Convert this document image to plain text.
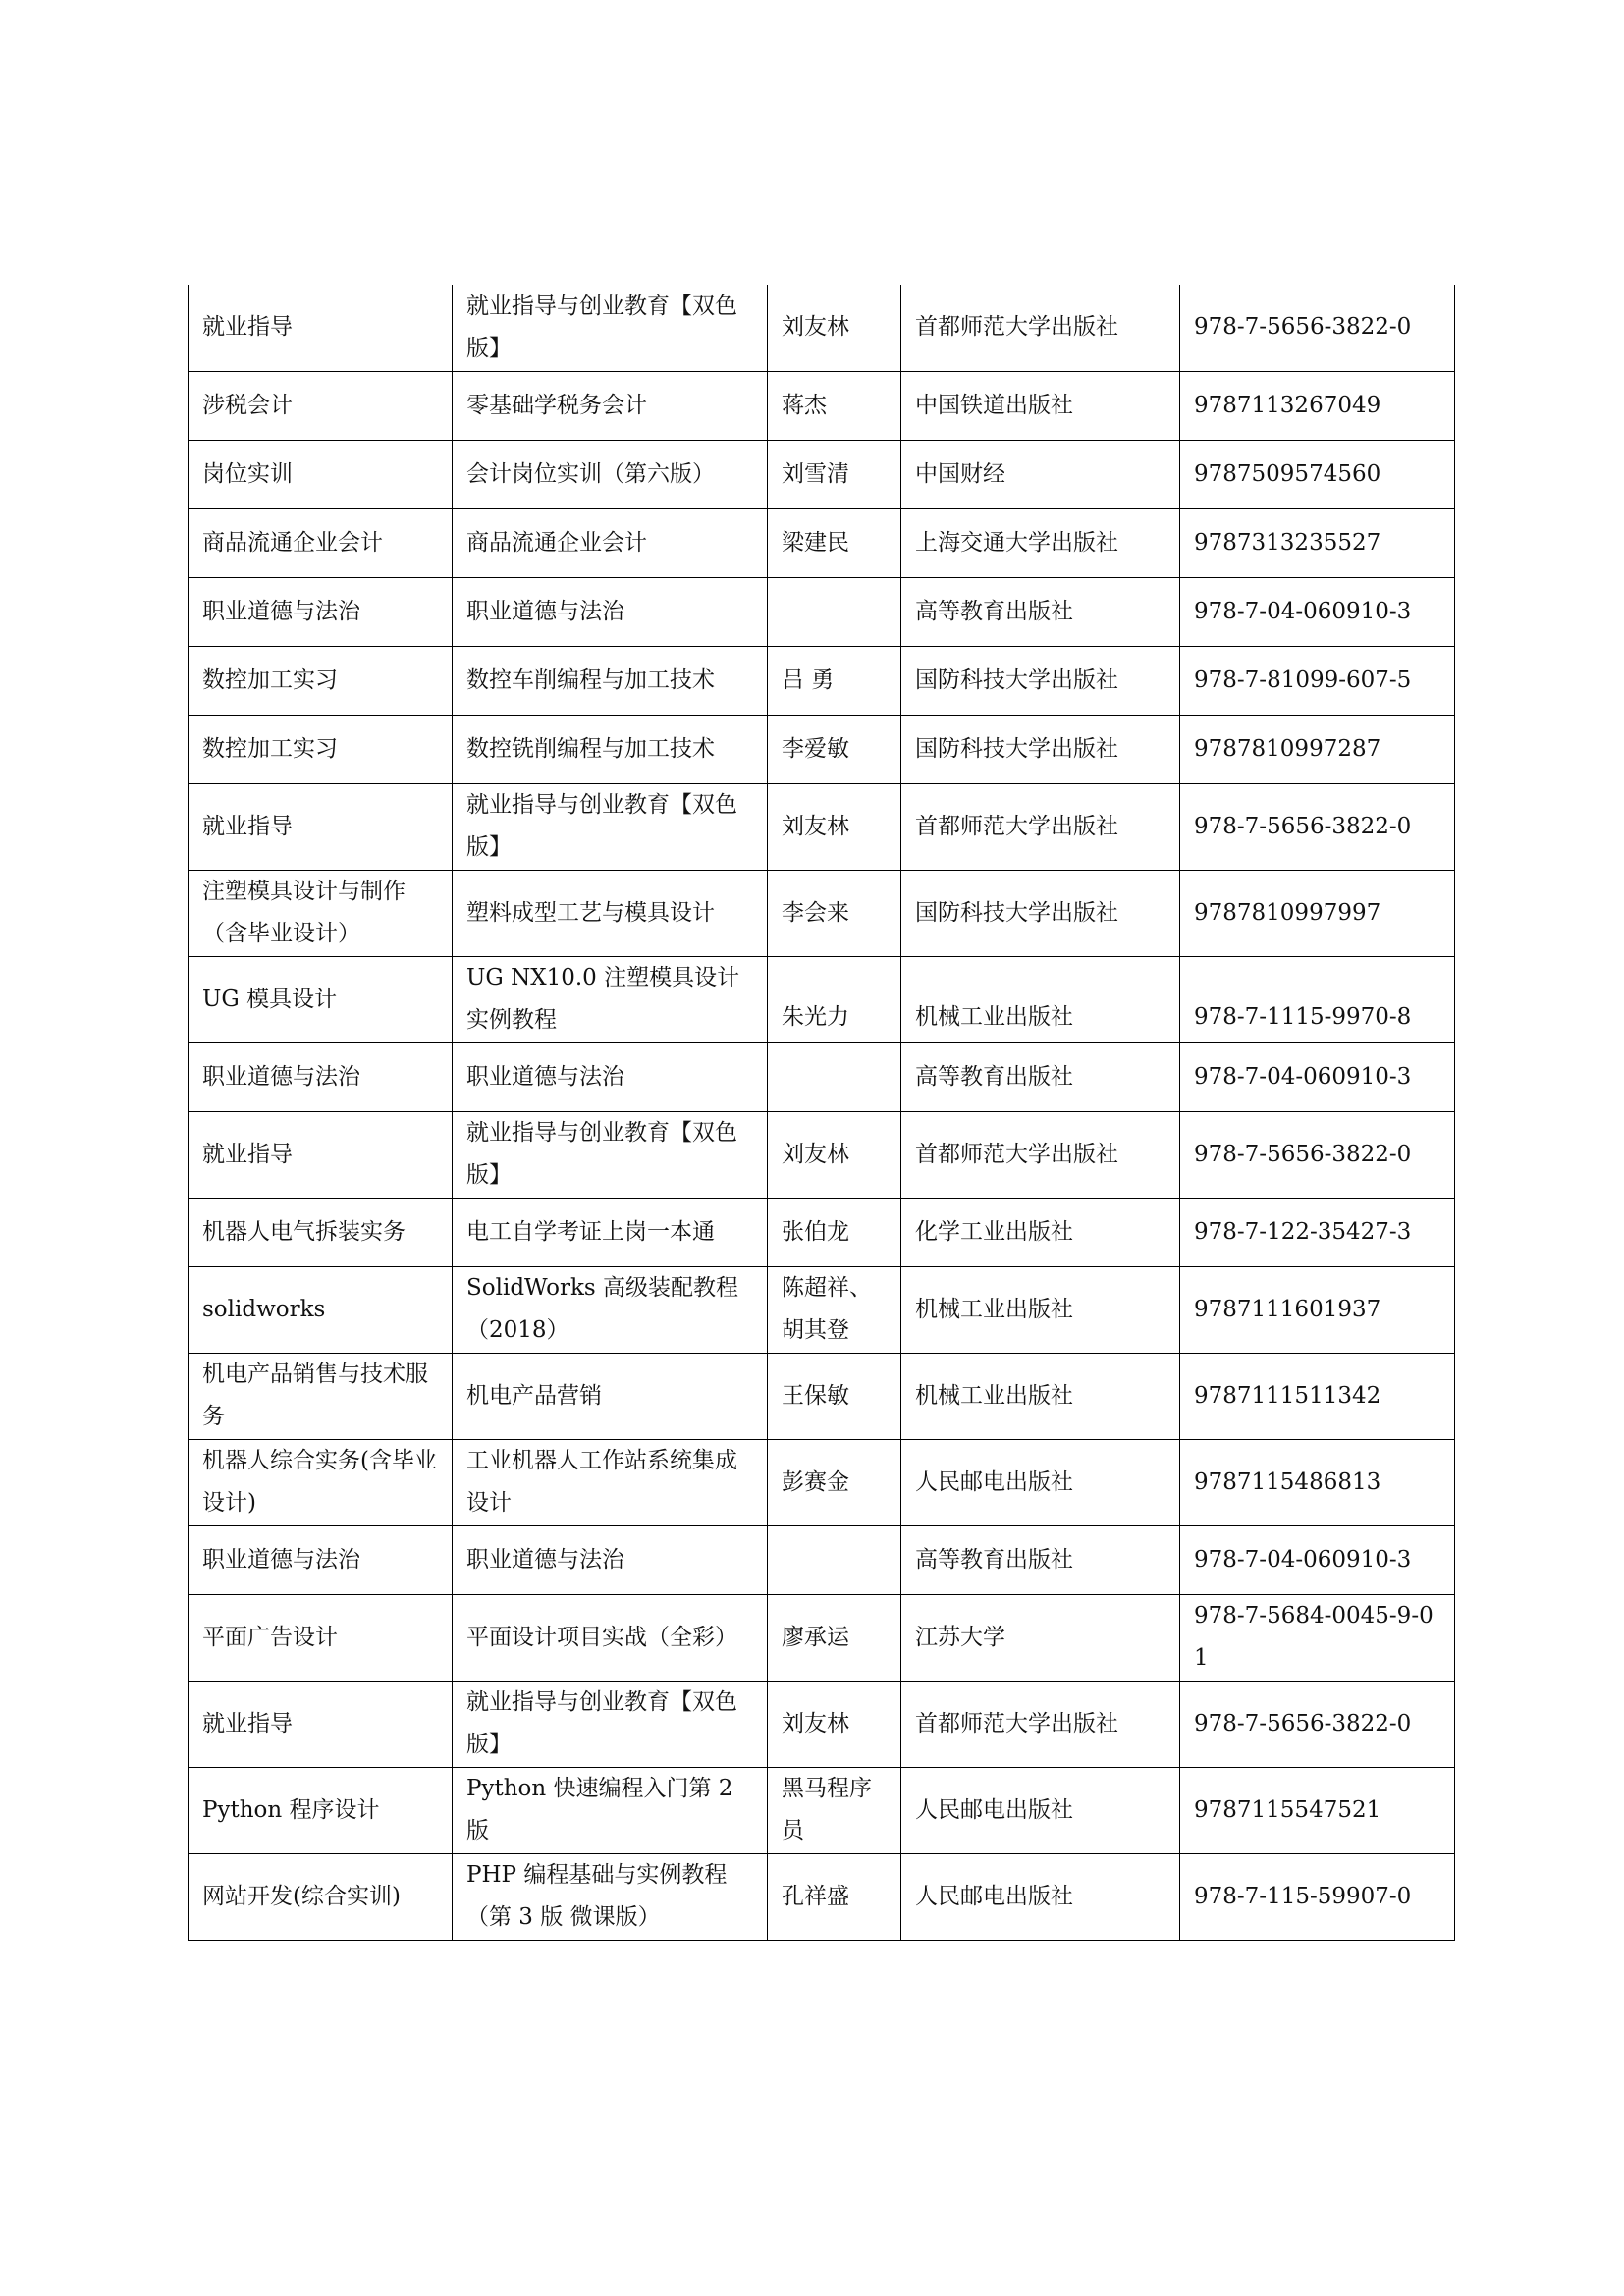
就业指导	就业指导与创业教育【双色版】	刘友林	首都师范大学出版社	978-7-5656-3822-0
涉税会计	零基础学税务会计	蒋杰	中国铁道出版社	9787113267049
岗位实训	会计岗位实训（第六版）	刘雪清	中国财经	9787509574560
商品流通企业会计	商品流通企业会计	梁建民	上海交通大学出版社	9787313235527
职业道德与法治	职业道德与法治		高等教育出版社	978-7-04-060910-3
数控加工实习	数控车削编程与加工技术	吕 勇	国防科技大学出版社	978-7-81099-607-5
数控加工实习	数控铣削编程与加工技术	李爱敏	国防科技大学出版社	9787810997287
就业指导	就业指导与创业教育【双色版】	刘友林	首都师范大学出版社	978-7-5656-3822-0
注塑模具设计与制作（含毕业设计）	塑料成型工艺与模具设计	李会来	国防科技大学出版社	9787810997997
UG 模具设计	UG NX10.0 注塑模具设计实例教程	朱光力	机械工业出版社	978-7-1115-9970-8
职业道德与法治	职业道德与法治		高等教育出版社	978-7-04-060910-3
就业指导	就业指导与创业教育【双色版】	刘友林	首都师范大学出版社	978-7-5656-3822-0
机器人电气拆装实务	电工自学考证上岗一本通	张伯龙	化学工业出版社	978-7-122-35427-3
solidworks	SolidWorks 高级装配教程（2018）	陈超祥、胡其登	机械工业出版社	9787111601937
机电产品销售与技术服务	机电产品营销	王保敏	机械工业出版社	9787111511342
机器人综合实务(含毕业设计)	工业机器人工作站系统集成设计	彭赛金	人民邮电出版社	9787115486813
职业道德与法治	职业道德与法治		高等教育出版社	978-7-04-060910-3
平面广告设计	平面设计项目实战（全彩）	廖承运	江苏大学	978-7-5684-0045-9-01
就业指导	就业指导与创业教育【双色版】	刘友林	首都师范大学出版社	978-7-5656-3822-0
Python 程序设计	Python 快速编程入门第 2 版	黑马程序员	人民邮电出版社	9787115547521
网站开发(综合实训)	PHP 编程基础与实例教程（第 3 版 微课版）	孔祥盛	人民邮电出版社	978-7-115-59907-0
